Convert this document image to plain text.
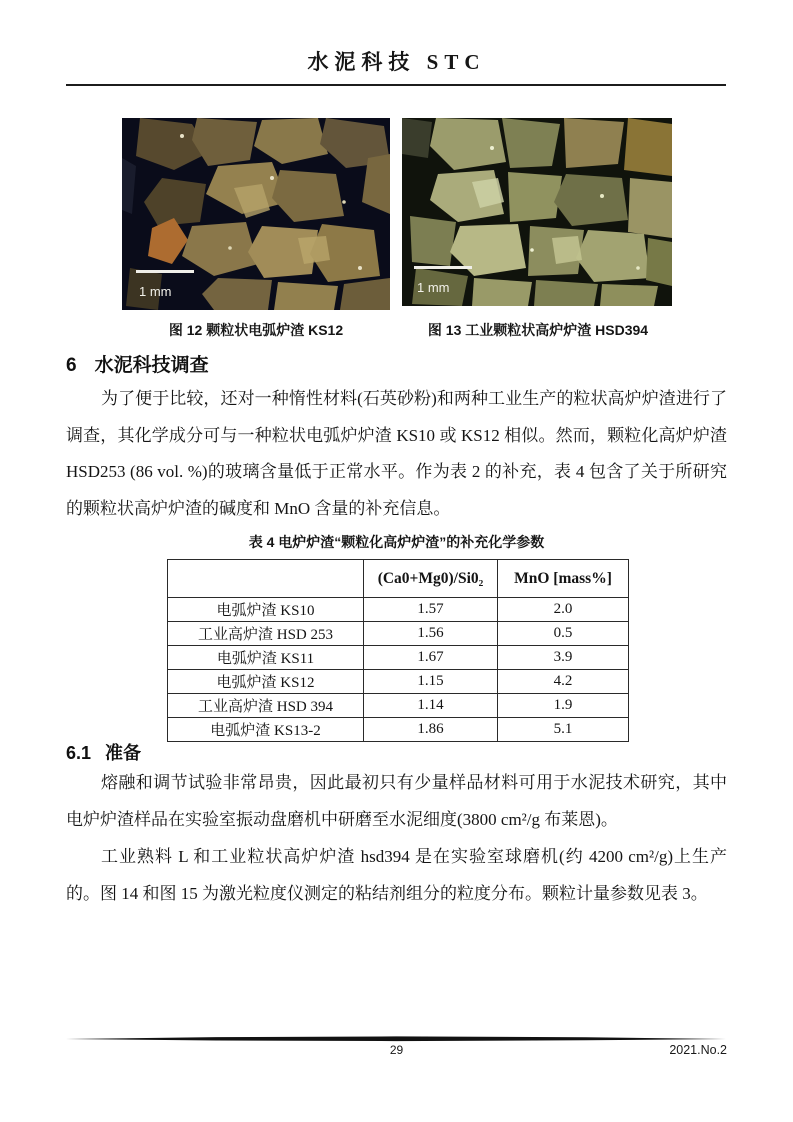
水泥科技 STC
1 mm	1 mm
图 12 颗粒状电弧炉渣 KS12	图 13 工业颗粒状高炉炉渣 HSD394
6 水泥科技调查
为了便于比较，还对一种惰性材料(石英砂粉)和两种工业生产的粒状高炉炉渣进行了调查，其化学成分可与一种粒状电弧炉炉渣 KS10 或 KS12 相似。然而，颗粒化高炉炉渣 HSD253 (86 vol. %)的玻璃含量低于正常水平。作为表 2 的补充，表 4 包含了关于所研究的颗粒状高炉炉渣的碱度和 MnO 含量的补充信息。
表 4 电炉炉渣“颗粒化高炉炉渣”的补充化学参数
	(Ca0+Mg0)/Si0₂	MnO [mass%]
电弧炉渣 KS10	1.57	2.0
工业高炉渣 HSD 253	1.56	0.5
电弧炉渣 KS11	1.67	3.9
电弧炉渣 KS12	1.15	4.2
工业高炉渣 HSD 394	1.14	1.9
电弧炉渣 KS13-2	1.86	5.1
6.1 准备
熔融和调节试验非常昂贵，因此最初只有少量样品材料可用于水泥技术研究，其中电炉炉渣样品在实验室振动盘磨机中研磨至水泥细度(3800 cm²/g 布莱恩)。
工业熟料 L 和工业粒状高炉炉渣 hsd394 是在实验室球磨机(约 4200 cm²/g)上生产的。图 14 和图 15 为激光粒度仪测定的粘结剂组分的粒度分布。颗粒计量参数见表 3。
29	2021.No.2
